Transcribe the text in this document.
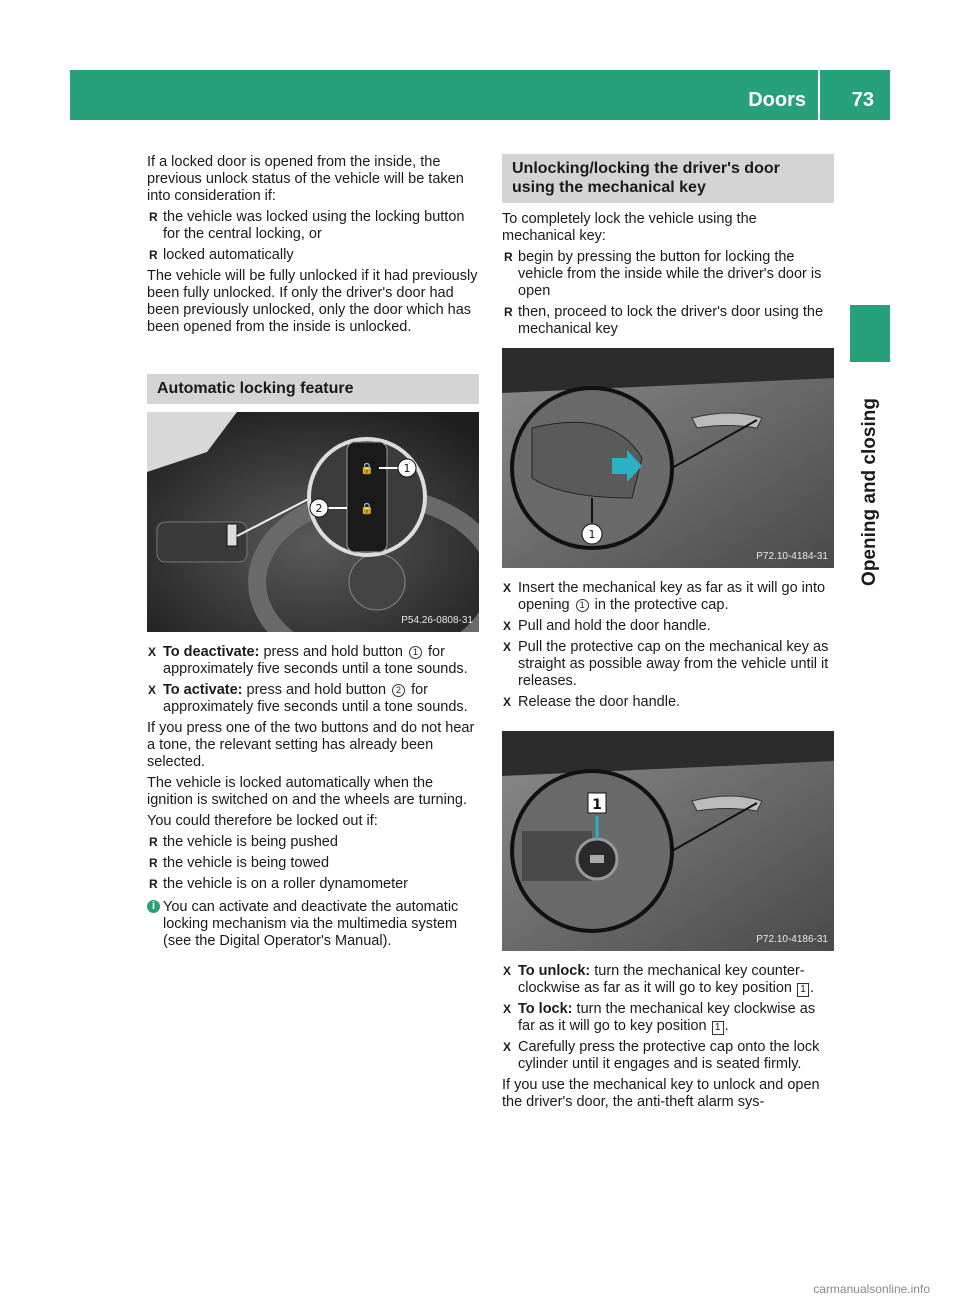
Doors	73
Opening and closing

If a locked door is opened from the inside, the previous unlock status of the vehicle will be taken into consideration if:

R the vehicle was locked using the locking button for the central locking, or
R locked automatically

The vehicle will be fully unlocked if it had previously been fully unlocked. If only the driver's door had been previously unlocked, only the door which has been opened from the inside is unlocked.

Automatic locking feature
🔒
🔒
1
2
P54.26-0808-31
X To deactivate: press and hold button 1 for approximately five seconds until a tone sounds.
X To activate: press and hold button 2 for approximately five seconds until a tone sounds.

If you press one of the two buttons and do not hear a tone, the relevant setting has already been selected.

The vehicle is locked automatically when the ignition is switched on and the wheels are turning.

You could therefore be locked out if:

R the vehicle is being pushed
R the vehicle is being towed
R the vehicle is on a roller dynamometer
i You can activate and deactivate the automatic locking mechanism via the multimedia system (see the Digital Operator's Manual).
Unlocking/locking the driver's door using the mechanical key

To completely lock the vehicle using the mechanical key:

R begin by pressing the button for locking the vehicle from the inside while the driver's door is open
R then, proceed to lock the driver's door using the mechanical key
1
P72.10-4184-31
X Insert the mechanical key as far as it will go into opening 1 in the protective cap.
X Pull and hold the door handle.
X Pull the protective cap on the mechanical key as straight as possible away from the vehicle until it releases.
X Release the door handle.
1
P72.10-4186-31
X To unlock: turn the mechanical key counter-clockwise as far as it will go to key position 1 .
X To lock: turn the mechanical key clockwise as far as it will go to key position 1 .
X Carefully press the protective cap onto the lock cylinder until it engages and is seated firmly.

If you use the mechanical key to unlock and open the driver's door, the anti-theft alarm sys-

carmanualsonline.info
